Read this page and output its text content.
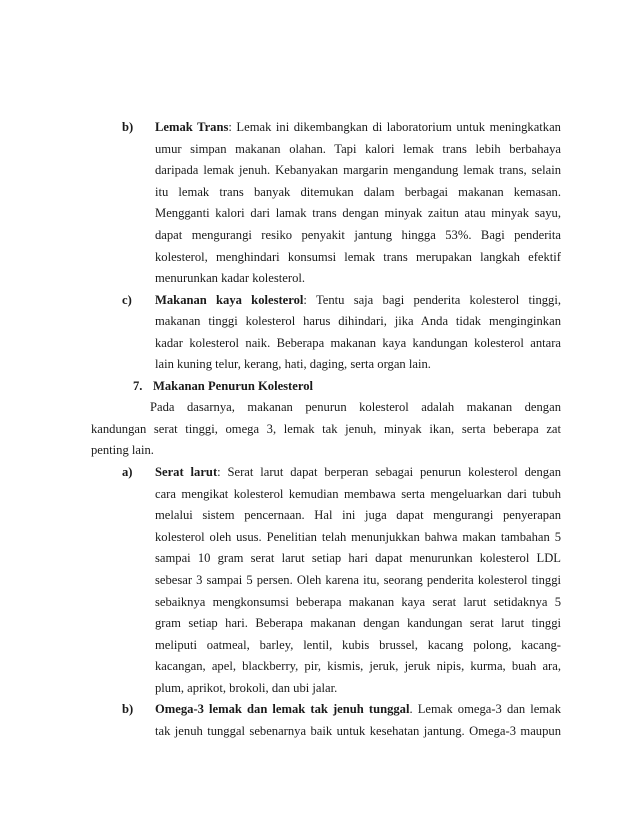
b) Lemak Trans: Lemak ini dikembangkan di laboratorium untuk meningkatkan
umur simpan makanan olahan. Tapi kalori lemak trans lebih berbahaya
daripada lemak jenuh. Kebanyakan margarin mengandung lemak trans, selain
itu lemak trans banyak ditemukan dalam berbagai makanan kemasan.
Mengganti kalori dari lamak trans dengan minyak zaitun atau minyak sayu,
dapat mengurangi resiko penyakit jantung hingga 53%. Bagi penderita
kolesterol, menghindari konsumsi lemak trans merupakan langkah efektif
menurunkan kadar kolesterol.
c) Makanan kaya kolesterol: Tentu saja bagi penderita kolesterol tinggi,
makanan tinggi kolesterol harus dihindari, jika Anda tidak menginginkan
kadar kolesterol naik. Beberapa makanan kaya kandungan kolesterol antara
lain kuning telur, kerang, hati, daging, serta organ lain.
7. Makanan Penurun Kolesterol
Pada dasarnya, makanan penurun kolesterol adalah makanan dengan
kandungan serat tinggi, omega 3, lemak tak jenuh, minyak ikan, serta beberapa zat
penting lain.
a) Serat larut: Serat larut dapat berperan sebagai penurun kolesterol dengan
cara mengikat kolesterol kemudian membawa serta mengeluarkan dari tubuh
melalui sistem pencernaan. Hal ini juga dapat mengurangi penyerapan
kolesterol oleh usus. Penelitian telah menunjukkan bahwa makan tambahan 5
sampai 10 gram serat larut setiap hari dapat menurunkan kolesterol LDL
sebesar 3 sampai 5 persen. Oleh karena itu, seorang penderita kolesterol tinggi
sebaiknya mengkonsumsi beberapa makanan kaya serat larut setidaknya 5
gram setiap hari. Beberapa makanan dengan kandungan serat larut tinggi
meliputi oatmeal, barley, lentil, kubis brussel, kacang polong, kacang-
kacangan, apel, blackberry, pir, kismis, jeruk, jeruk nipis, kurma, buah ara,
plum, aprikot, brokoli, dan ubi jalar.
b) Omega-3 lemak dan lemak tak jenuh tunggal. Lemak omega-3 dan lemak
tak jenuh tunggal sebenarnya baik untuk kesehatan jantung. Omega-3 maupun
